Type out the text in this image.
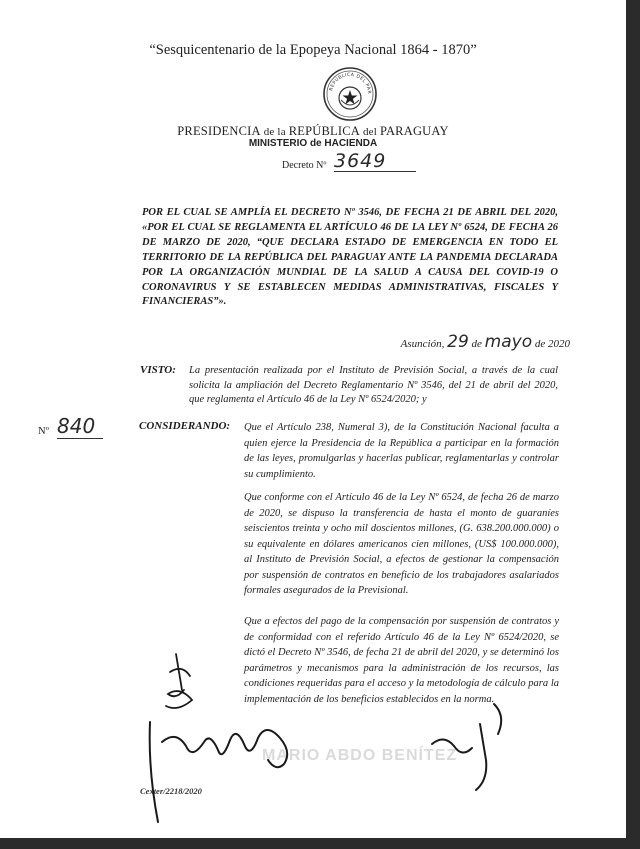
“Sesquicentenario de la Epopeya Nacional 1864 - 1870”
REPÚBLICA DEL PAR
PRESIDENCIA de la REPÚBLICA del PARAGUAY
MINISTERIO de HACIENDA
Decreto Nº 3649
POR EL CUAL SE AMPLÍA EL DECRETO Nº 3546, DE FECHA 21 DE ABRIL DEL 2020, «POR EL CUAL SE REGLAMENTA EL ARTÍCULO 46 DE LA LEY Nº 6524, DE FECHA 26 DE MARZO DE 2020, “QUE DECLARA ESTADO DE EMERGENCIA EN TODO EL TERRITORIO DE LA REPÚBLICA DEL PARAGUAY ANTE LA PANDEMIA DECLARADA POR LA ORGANIZACIÓN MUNDIAL DE LA SALUD A CAUSA DEL COVID-19 O CORONAVIRUS Y SE ESTABLECEN MEDIDAS ADMINISTRATIVAS, FISCALES Y FINANCIERAS”».
Asunción, 29 de mayo de 2020
VISTO: La presentación realizada por el Instituto de Previsión Social, a través de la cual solicita la ampliación del Decreto Reglamentario Nº 3546, del 21 de abril del 2020, que reglamenta el Artículo 46 de la Ley Nº 6524/2020; y
Nº 840	CONSIDERANDO: Que el Artículo 238, Numeral 3), de la Constitución Nacional faculta a quien ejerce la Presidencia de la República a participar en la formación de las leyes, promulgarlas y hacerlas publicar, reglamentarlas y controlar su cumplimiento.
Que conforme con el Artículo 46 de la Ley Nº 6524, de fecha 26 de marzo de 2020, se dispuso la transferencia de hasta el monto de guaraníes seiscientos treinta y ocho mil doscientos millones, (G. 638.200.000.000) o su equivalente en dólares americanos cien millones, (US$ 100.000.000), al Instituto de Previsión Social, a efectos de gestionar la compensación por suspensión de contratos en beneficio de los trabajadores asalariados formales asegurados de la Previsional.
Que a efectos del pago de la compensación por suspensión de contratos y de conformidad con el referido Artículo 46 de la Ley Nº 6524/2020, se dictó el Decreto Nº 3546, de fecha 21 de abril del 2020, y se determinó los parámetros y mecanismos para la administración de los recursos, las condiciones requeridas para el acceso y la metodología de cálculo para la implementación de los beneficios establecidos en la norma.
MARIO ABDO BENÍTEZ
Cexter/2218/2020
